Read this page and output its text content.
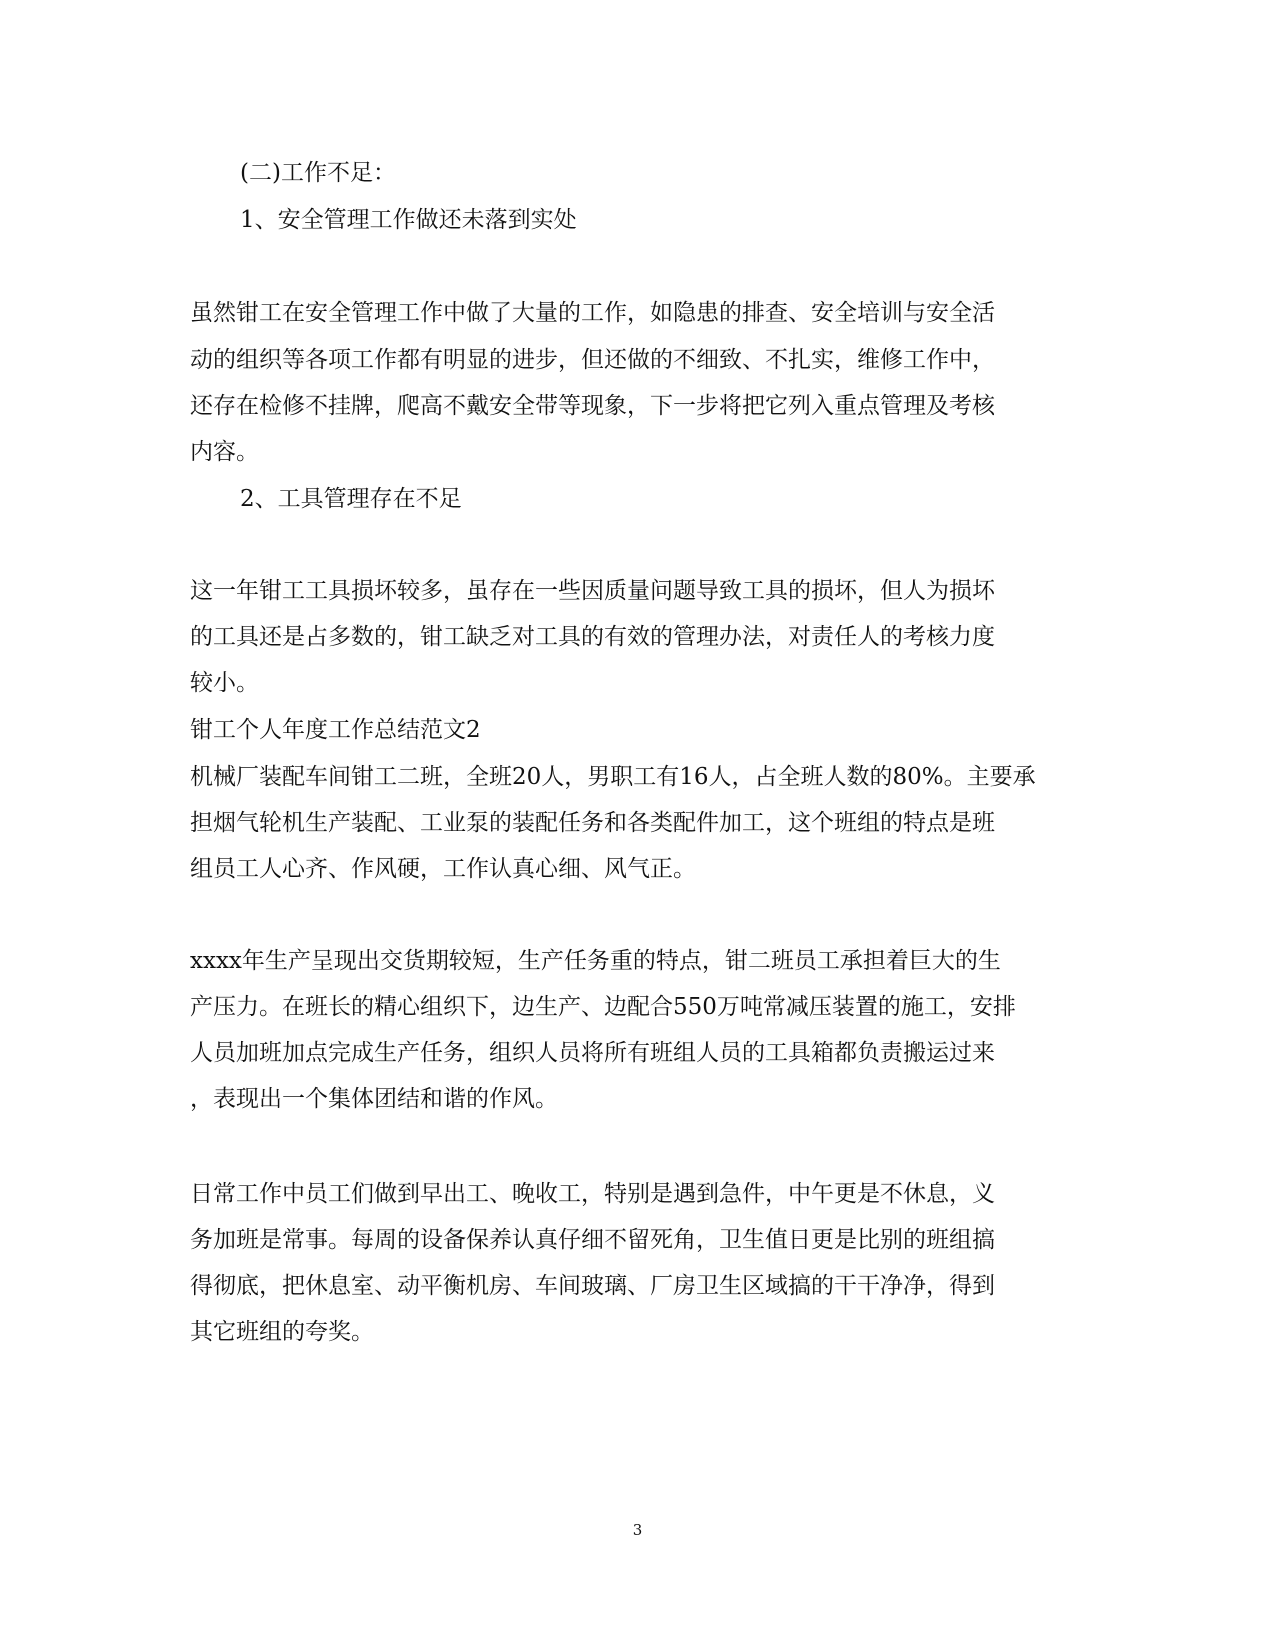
(二)工作不足：
1、安全管理工作做还未落到实处
虽然钳工在安全管理工作中做了大量的工作，如隐患的排查、安全培训与安全活
动的组织等各项工作都有明显的进步，但还做的不细致、不扎实，维修工作中，
还存在检修不挂牌，爬高不戴安全带等现象，下一步将把它列入重点管理及考核
内容。
2、工具管理存在不足
这一年钳工工具损坏较多，虽存在一些因质量问题导致工具的损坏，但人为损坏
的工具还是占多数的，钳工缺乏对工具的有效的管理办法，对责任人的考核力度
较小。
钳工个人年度工作总结范文2
机械厂装配车间钳工二班，全班20人，男职工有16人，占全班人数的80%。主要承
担烟气轮机生产装配、工业泵的装配任务和各类配件加工，这个班组的特点是班
组员工人心齐、作风硬，工作认真心细、风气正。
xxxx年生产呈现出交货期较短，生产任务重的特点，钳二班员工承担着巨大的生
产压力。在班长的精心组织下，边生产、边配合550万吨常减压装置的施工，安排
人员加班加点完成生产任务，组织人员将所有班组人员的工具箱都负责搬运过来
，表现出一个集体团结和谐的作风。
日常工作中员工们做到早出工、晚收工，特别是遇到急件，中午更是不休息，义
务加班是常事。每周的设备保养认真仔细不留死角，卫生值日更是比别的班组搞
得彻底，把休息室、动平衡机房、车间玻璃、厂房卫生区域搞的干干净净，得到
其它班组的夸奖。
3
